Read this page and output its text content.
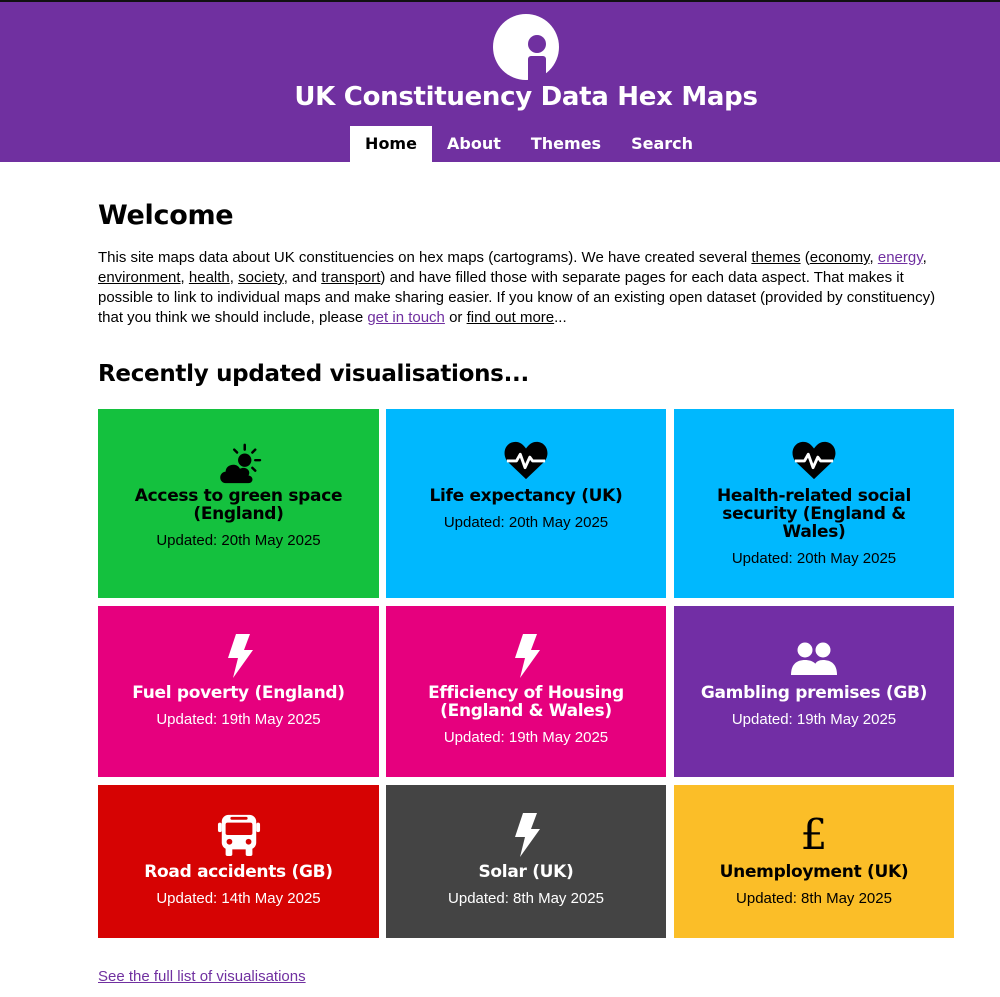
UK Constituency Data Hex Maps
Home	About	Themes	Search
Welcome

This site maps data about UK constituencies on hex maps (cartograms). We have created several themes (economy, energy, environment, health, society, and transport) and have filled those with separate pages for each data aspect. That makes it possible to link to individual maps and make sharing easier. If you know of an existing open dataset (provided by constituency) that you think we should include, please get in touch or find out more...

Recently updated visualisations...
Access to green space (England)
Updated: 20th May 2025
Life expectancy (UK)
Updated: 20th May 2025
Health-related social security (England & Wales)
Updated: 20th May 2025
Fuel poverty (England)
Updated: 19th May 2025
Efficiency of Housing (England & Wales)
Updated: 19th May 2025
Gambling premises (GB)
Updated: 19th May 2025
Road accidents (GB)
Updated: 14th May 2025
Solar (UK)
Updated: 8th May 2025
£
Unemployment (UK)
Updated: 8th May 2025
See the full list of visualisations
